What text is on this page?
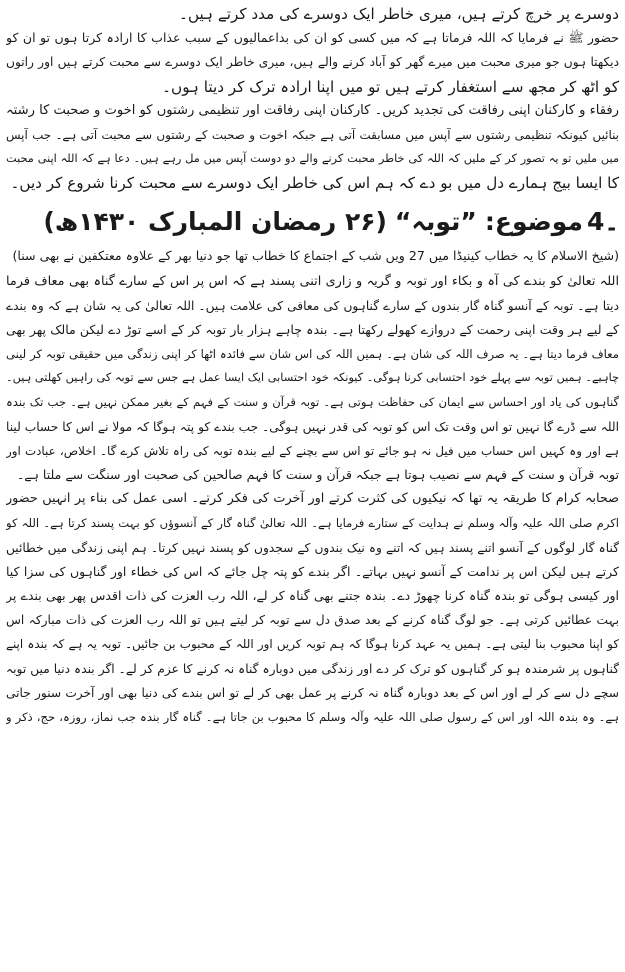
دوسرے پر خرچ کرتے ہیں، میری خاطر ایک دوسرے کی مدد کرتے ہیں۔
حضور ﷺ نے فرمایا کہ اللہ فرماتا ہے کہ میں کسی کو ان کی بداعمالیوں کے سبب عذاب کا ارادہ کرتا ہوں تو ان کو
دیکھتا ہوں جو میری محبت میں میرے گھر کو آباد کرنے والے ہیں، میری خاطر ایک دوسرے سے محبت کرتے ہیں اور راتوں
کو اٹھ کر مجھ سے استغفار کرتے ہیں تو میں اپنا ارادہ ترک کر دیتا ہوں۔
رفقاء و کارکنان اپنی رفاقت کی تجدید کریں۔ کارکنان اپنی رفاقت اور تنظیمی رشتوں کو اخوت و صحبت کا رشتہ
بنائیں کیونکہ تنظیمی رشتوں سے آپس میں مسابقت آتی ہے جبکہ اخوت و صحبت کے رشتوں سے محبت آتی ہے۔ جب آپس
میں ملیں تو یہ تصور کر کے ملیں کہ اللہ کی خاطر محبت کرنے والے دو دوست آپس میں مل رہے ہیں۔ دعا ہے کہ اللہ اپنی محبت
کا ایسا بیج ہمارے دل میں بو دے کہ ہم اس کی خاطر ایک دوسرے سے محبت کرنا شروع کر دیں۔
4۔
موضوع:
”توبہ“
(۲۶ رمضان المبارک ۱۴۳۰ھ)
(شیخ الاسلام کا یہ خطاب کینیڈا میں 27 ویں شب کے اجتماع کا خطاب تھا جو دنیا بھر کے علاوہ معتکفین نے بھی سنا)
اللہ تعالیٰ کو بندے کی آہ و بکاء اور توبہ و گریہ و زاری اتنی پسند ہے کہ اس پر اس کے سارے گناہ بھی معاف فرما
دیتا ہے۔ توبہ کے آنسو گناہ گار بندوں کے سارے گناہوں کی معافی کی علامت ہیں۔ اللہ تعالیٰ کی یہ شان ہے کہ وہ بندے
کے لیے ہر وقت اپنی رحمت کے دروازے کھولے رکھتا ہے۔ بندہ چاہے ہزار بار توبہ کر کے اسے توڑ دے لیکن مالک پھر بھی
معاف فرما دیتا ہے۔ یہ صرف اللہ کی شان ہے۔ ہمیں اللہ کی اس شان سے فائدہ اٹھا کر اپنی زندگی میں حقیقی توبہ کر لینی
چاہیے۔ ہمیں توبہ سے پہلے خود احتسابی کرنا ہوگی۔ کیونکہ خود احتسابی ایک ایسا عمل ہے جس سے توبہ کی راہیں کھلتی ہیں۔
گناہوں کی یاد اور احساس سے ایمان کی حفاظت ہوتی ہے۔ توبہ قرآن و سنت کے فہم کے بغیر ممکن نہیں ہے۔ جب تک بندہ
اللہ سے ڈرے گا نہیں تو اس وقت تک اس کو توبہ کی قدر نہیں ہوگی۔ جب بندے کو پتہ ہوگا کہ مولا نے اس کا حساب لینا
ہے اور وہ کہیں اس حساب میں فیل نہ ہو جائے تو اس سے بچنے کے لیے بندہ توبہ کی راہ تلاش کرے گا۔ اخلاص، عبادت اور
توبہ قرآن و سنت کے فہم سے نصیب ہوتا ہے جبکہ قرآن و سنت کا فہم صالحین کی صحبت اور سنگت سے ملتا ہے۔
صحابہ کرام کا طریقہ یہ تھا کہ نیکیوں کی کثرت کرتے اور آخرت کی فکر کرتے۔ اسی عمل کی بناء پر انہیں حضور
اکرم صلی اللہ علیہ وآلہ وسلم نے ہدایت کے ستارے فرمایا ہے۔ اللہ تعالیٰ گناہ گار کے آنسوؤں کو بہت پسند کرتا ہے۔ اللہ کو
گناہ گار لوگوں کے آنسو اتنے پسند ہیں کہ اتنے وہ نیک بندوں کے سجدوں کو پسند نہیں کرتا۔ ہم اپنی زندگی میں خطائیں
کرتے ہیں لیکن اس پر ندامت کے آنسو نہیں بہاتے۔ اگر بندے کو پتہ چل جائے کہ اس کی خطاء اور گناہوں کی سزا کیا
اور کیسی ہوگی تو بندہ گناہ کرنا چھوڑ دے۔ بندہ جتنے بھی گناہ کر لے، اللہ رب العزت کی ذات اقدس پھر بھی بندے پر
بہت عطائیں کرتی ہے۔ جو لوگ گناہ کرنے کے بعد صدق دل سے توبہ کر لیتے ہیں تو اللہ رب العزت کی ذات مبارکہ اس
کو اپنا محبوب بنا لیتی ہے۔ ہمیں یہ عہد کرنا ہوگا کہ ہم توبہ کریں اور اللہ کے محبوب بن جائیں۔ توبہ یہ ہے کہ بندہ اپنے
گناہوں پر شرمندہ ہو کر گناہوں کو ترک کر دے اور زندگی میں دوبارہ گناہ نہ کرنے کا عزم کر لے۔ اگر بندہ دنیا میں توبہ
سچے دل سے کر لے اور اس کے بعد دوبارہ گناہ نہ کرنے پر عمل بھی کر لے تو اس بندے کی دنیا بھی اور آخرت سنور جاتی
ہے۔ وہ بندہ اللہ اور اس کے رسول صلی اللہ علیہ وآلہ وسلم کا محبوب بن جاتا ہے۔ گناہ گار بندہ جب نماز، روزہ، حج، ذکر و
